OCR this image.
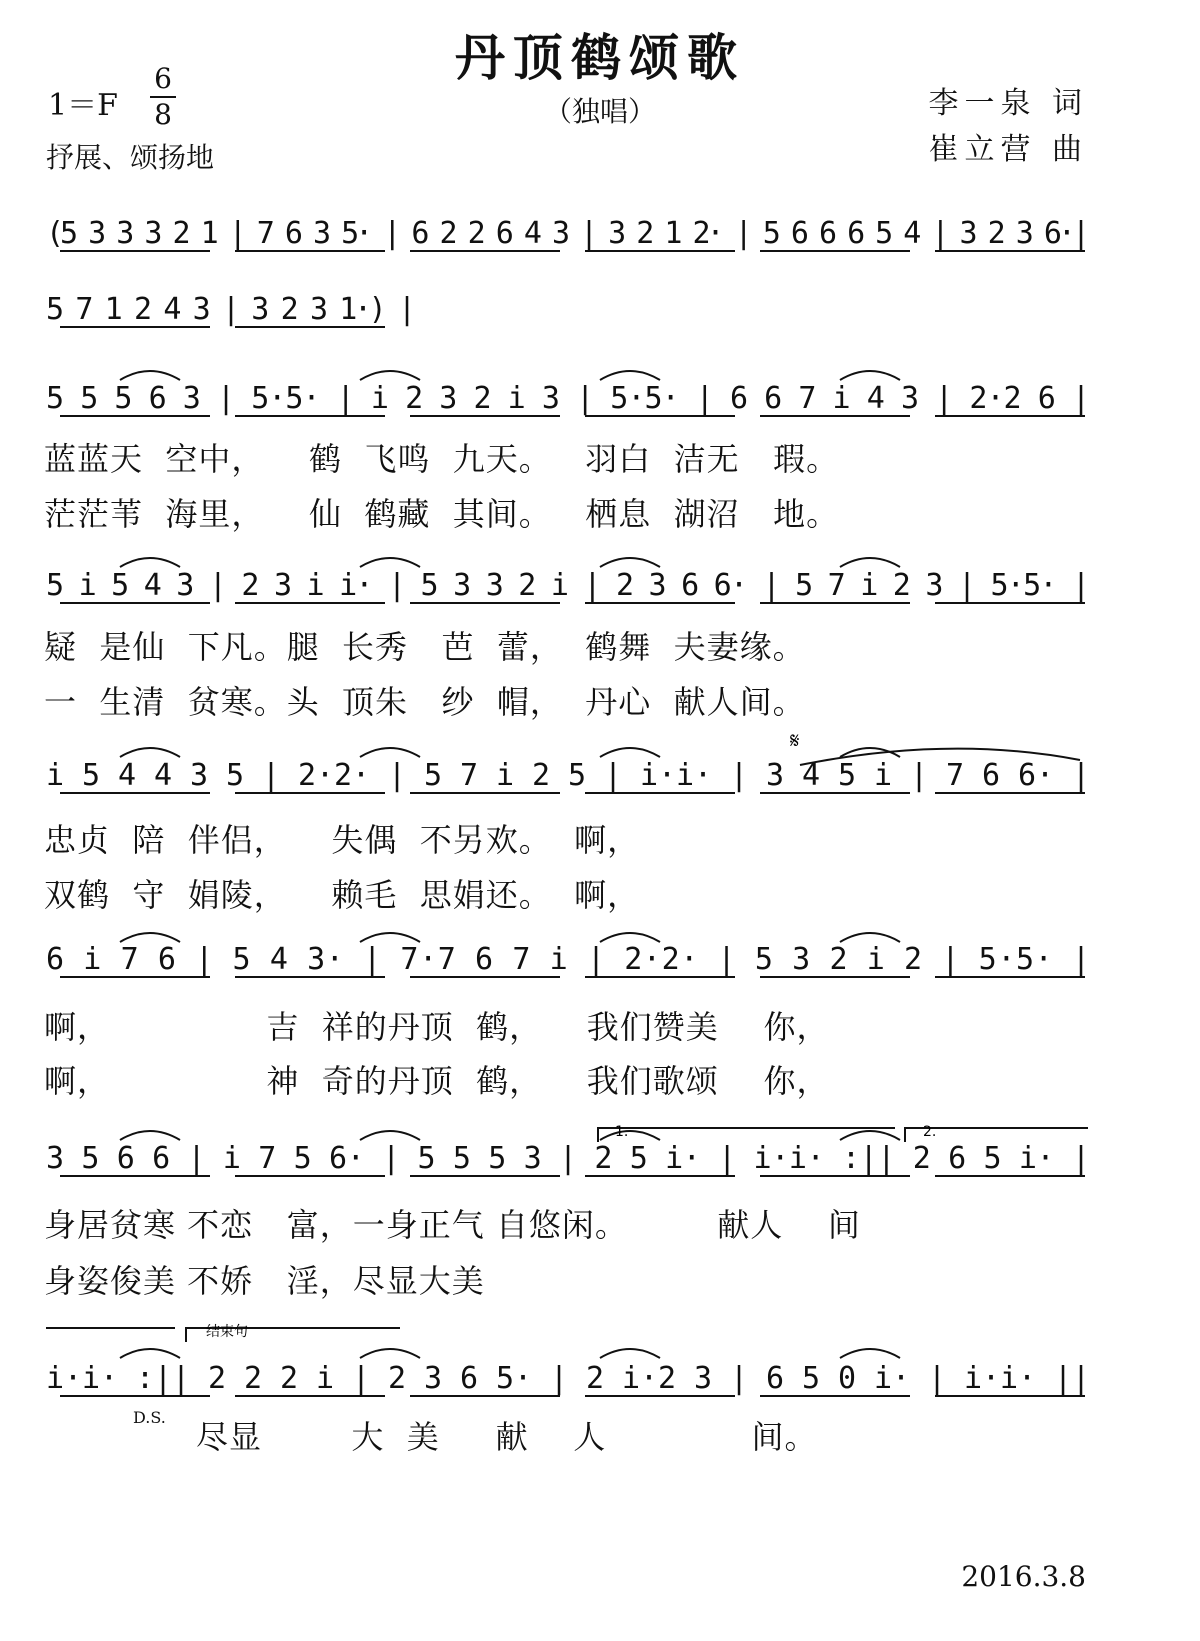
丹顶鹤颂歌
（独唱）
$1=F \frac{6}{8}$
抒展、颂扬地
李一泉 词
崔立营 曲
(5 3 3 3 2 1 | 7 6 3 5· | 6 2 2 6 4 3 | 3 2 1 2· | 5 6 6 6 5 4 | 3 2 3 6·|
5 7 1 2 4 3 | 3 2 3 1·) |
5 5 5 6 3 | 5·5· | i 2 3 2 i 3 | 5·5· | 6 6 7 i 4 3 | 2·2 6 |
5 i 5 4 3 | 2 3 i i· | 5 3 3 2 i | 2 3 6 6· | 5 7 i 2 3 | 5·5· |
i 5 4 4 3 5 | 2·2· | 5 7 i 2 5 | i·i· | 3 4 5 i | 7 6 6· |
6 i 7 6 | 5 4 3· | 7·7 6 7 i | 2·2· | 5 3 2 i 2 | 5·5· |
3 5 6 6 | i 7 5 6· | 5 5 5 3 | 2 5 i· | i·i· :|| 2 6 5 i· |
i·i· :|| 2 2 2 i | 2 3 6 5· | 2 i·2 3 | 6 5 0 i· | i·i· ||
𝄋
1.	2.
结束句
D.S.
蓝蓝天  空中，    鹤  飞鸣  九天。   羽白  洁无   瑕。
茫茫苇  海里，    仙  鹤藏  其间。   栖息  湖沼   地。
疑  是仙  下凡。腿  长秀   芭  蕾，  鹤舞  夫妻缘。
一  生清  贫寒。头  顶朱   纱  帽，  丹心  献人间。
忠贞  陪  伴侣，    失偶  不另欢。  啊，
双鹤  守  娟陵，    赖毛  思娟还。  啊，
啊，              吉  祥的丹顶  鹤，    我们赞美    你，
啊，              神  奇的丹顶  鹤，    我们歌颂    你，
身居贫寒 不恋   富，一身正气 自悠闲。        献人    间
身姿俊美 不娇   淫，尽显大美
尽显        大  美     献    人             间。
2016.3.8
